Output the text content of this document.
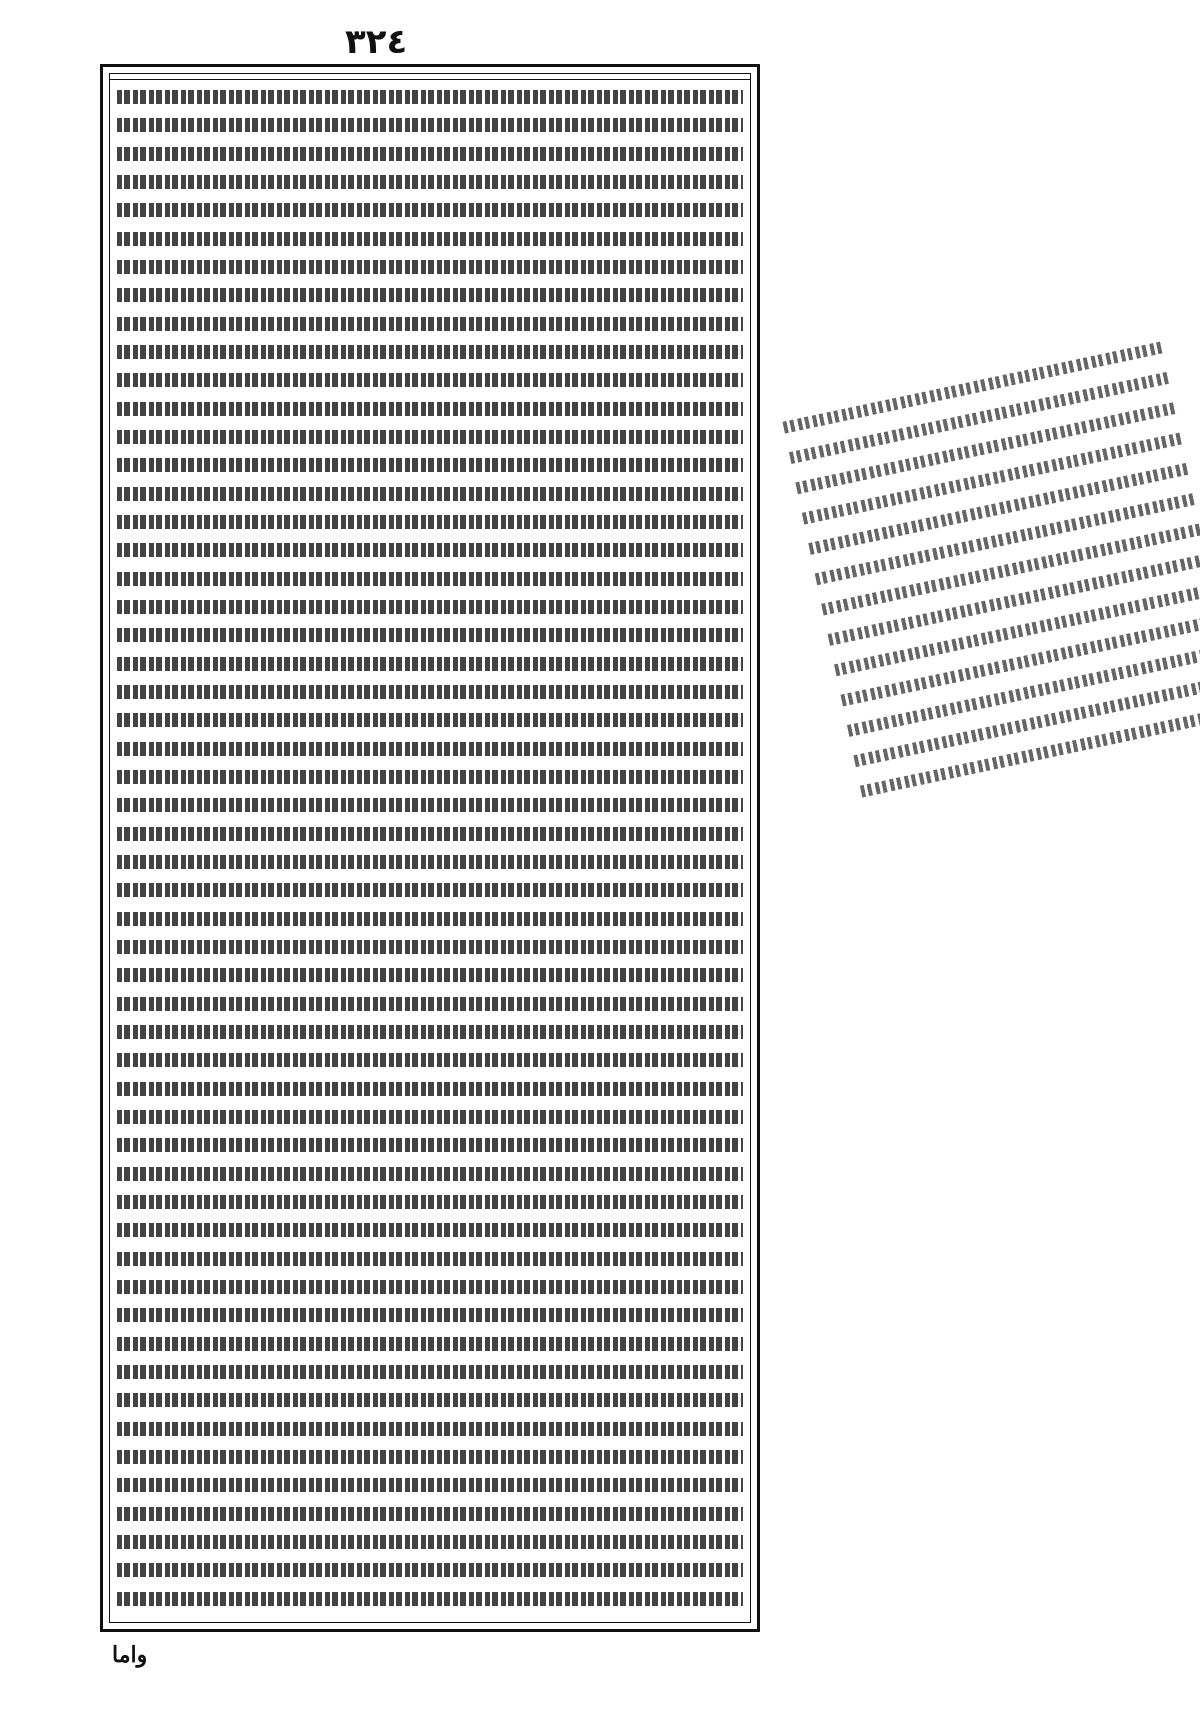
٣٢٤
واما
